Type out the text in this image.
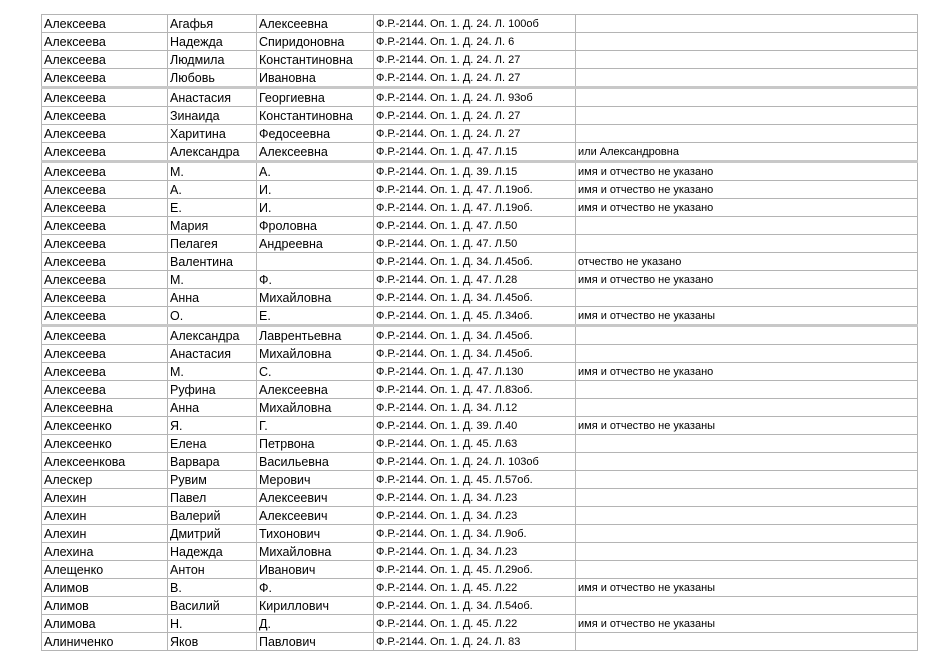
Алексеева	Агафья	Алексеевна	Ф.Р.-2144. Оп. 1. Д. 24. Л. 100об	
Алексеева	Надежда	Спиридоновна	Ф.Р.-2144. Оп. 1. Д. 24. Л. 6	
Алексеева	Людмила	Константиновна	Ф.Р.-2144. Оп. 1. Д. 24. Л. 27	
Алексеева	Любовь	Ивановна	Ф.Р.-2144. Оп. 1. Д. 24. Л. 27	
Алексеева	Анастасия	Георгиевна	Ф.Р.-2144. Оп. 1. Д. 24. Л. 93об	
Алексеева	Зинаида	Константиновна	Ф.Р.-2144. Оп. 1. Д. 24. Л. 27	
Алексеева	Харитина	Федосеевна	Ф.Р.-2144. Оп. 1. Д. 24. Л. 27	
Алексеева	Александра	Алексеевна	Ф.Р.-2144. Оп. 1. Д. 47. Л.15	или Александровна
Алексеева	М.	А.	Ф.Р.-2144. Оп. 1. Д. 39. Л.15	имя и отчество не указано
Алексеева	А.	И.	Ф.Р.-2144. Оп. 1. Д. 47. Л.19об.	имя и отчество не указано
Алексеева	Е.	И.	Ф.Р.-2144. Оп. 1. Д. 47. Л.19об.	имя и отчество не указано
Алексеева	Мария	Фроловна	Ф.Р.-2144. Оп. 1. Д. 47. Л.50	
Алексеева	Пелагея	Андреевна	Ф.Р.-2144. Оп. 1. Д. 47. Л.50	
Алексеева	Валентина		Ф.Р.-2144. Оп. 1. Д. 34. Л.45об.	отчество не указано
Алексеева	М.	Ф.	Ф.Р.-2144. Оп. 1. Д. 47. Л.28	имя и отчество не указано
Алексеева	Анна	Михайловна	Ф.Р.-2144. Оп. 1. Д. 34. Л.45об.	
Алексеева	О.	Е.	Ф.Р.-2144. Оп. 1. Д. 45. Л.34об.	имя и отчество не указаны
Алексеева	Александра	Лаврентьевна	Ф.Р.-2144. Оп. 1. Д. 34. Л.45об.	
Алексеева	Анастасия	Михайловна	Ф.Р.-2144. Оп. 1. Д. 34. Л.45об.	
Алексеева	М.	С.	Ф.Р.-2144. Оп. 1. Д. 47. Л.130	имя и отчество не указано
Алексеева	Руфина	Алексеевна	Ф.Р.-2144. Оп. 1. Д. 47. Л.83об.	
Алексеевна	Анна	Михайловна	Ф.Р.-2144. Оп. 1. Д. 34. Л.12	
Алексеенко	Я.	Г.	Ф.Р.-2144. Оп. 1. Д. 39. Л.40	имя и отчество не указаны
Алексеенко	Елена	Петрвона	Ф.Р.-2144. Оп. 1. Д. 45. Л.63	
Алексеенкова	Варвара	Васильевна	Ф.Р.-2144. Оп. 1. Д. 24. Л. 103об	
Алескер	Рувим	Мерович	Ф.Р.-2144. Оп. 1. Д. 45. Л.57об.	
Алехин	Павел	Алексеевич	Ф.Р.-2144. Оп. 1. Д. 34. Л.23	
Алехин	Валерий	Алексеевич	Ф.Р.-2144. Оп. 1. Д. 34. Л.23	
Алехин	Дмитрий	Тихонович	Ф.Р.-2144. Оп. 1. Д. 34. Л.9об.	
Алехина	Надежда	Михайловна	Ф.Р.-2144. Оп. 1. Д. 34. Л.23	
Алещенко	Антон	Иванович	Ф.Р.-2144. Оп. 1. Д. 45. Л.29об.	
Алимов	В.	Ф.	Ф.Р.-2144. Оп. 1. Д. 45. Л.22	имя и отчество не указаны
Алимов	Василий	Кириллович	Ф.Р.-2144. Оп. 1. Д. 34. Л.54об.	
Алимова	Н.	Д.	Ф.Р.-2144. Оп. 1. Д. 45. Л.22	имя и отчество не указаны
Алиниченко	Яков	Павлович	Ф.Р.-2144. Оп. 1. Д. 24. Л. 83	
